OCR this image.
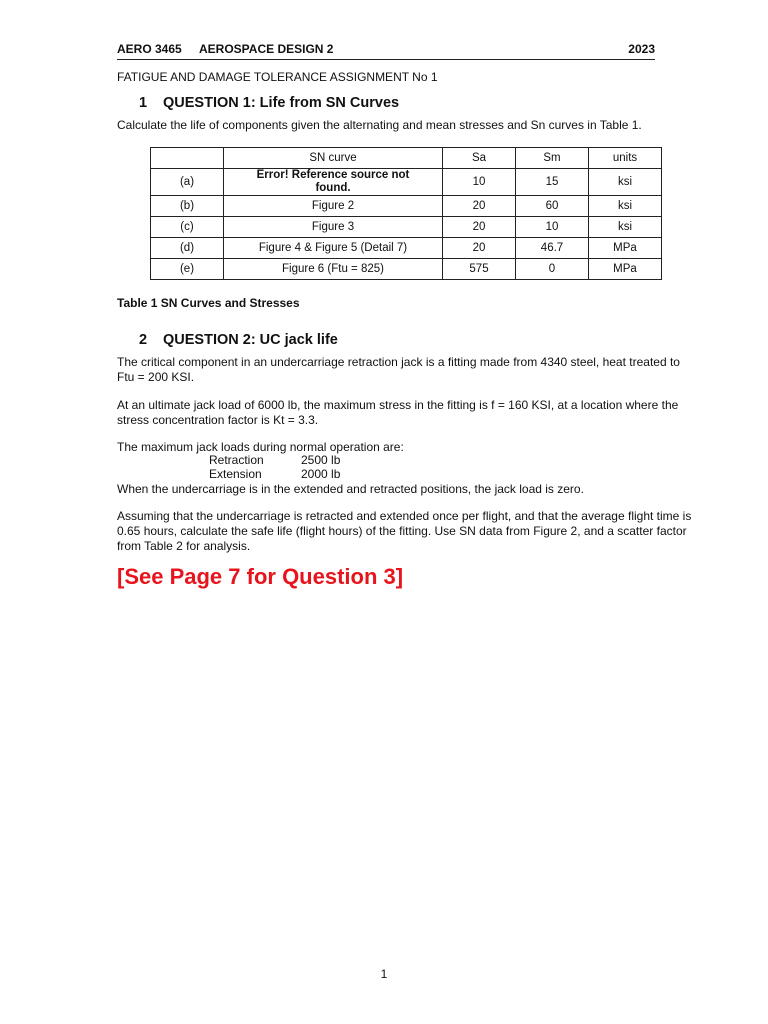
AERO 3465 AEROSPACE DESIGN 2	2023
FATIGUE AND DAMAGE TOLERANCE ASSIGNMENT No 1
1 QUESTION 1: Life from SN Curves
Calculate the life of components given the alternating and mean stresses and Sn curves in Table 1.
	SN curve	Sa	Sm	units
(a)	Error! Reference source not found.	10	15	ksi
(b)	Figure 2	20	60	ksi
(c)	Figure 3	20	10	ksi
(d)	Figure 4 & Figure 5 (Detail 7)	20	46.7	MPa
(e)	Figure 6 (Ftu = 825)	575	0	MPa
Table 1 SN Curves and Stresses
2 QUESTION 2: UC jack life
The critical component in an undercarriage retraction jack is a fitting made from 4340 steel, heat treated to Ftu = 200 KSI.
At an ultimate jack load of 6000 lb, the maximum stress in the fitting is f = 160 KSI, at a location where the stress concentration factor is Kt = 3.3.
The maximum jack loads during normal operation are:
Retraction	2500 lb
Extension	2000 lb
When the undercarriage is in the extended and retracted positions, the jack load is zero.
Assuming that the undercarriage is retracted and extended once per flight, and that the average flight time is 0.65 hours, calculate the safe life (flight hours) of the fitting. Use SN data from Figure 2, and a scatter factor from Table 2 for analysis.
[See Page 7 for Question 3]
1
